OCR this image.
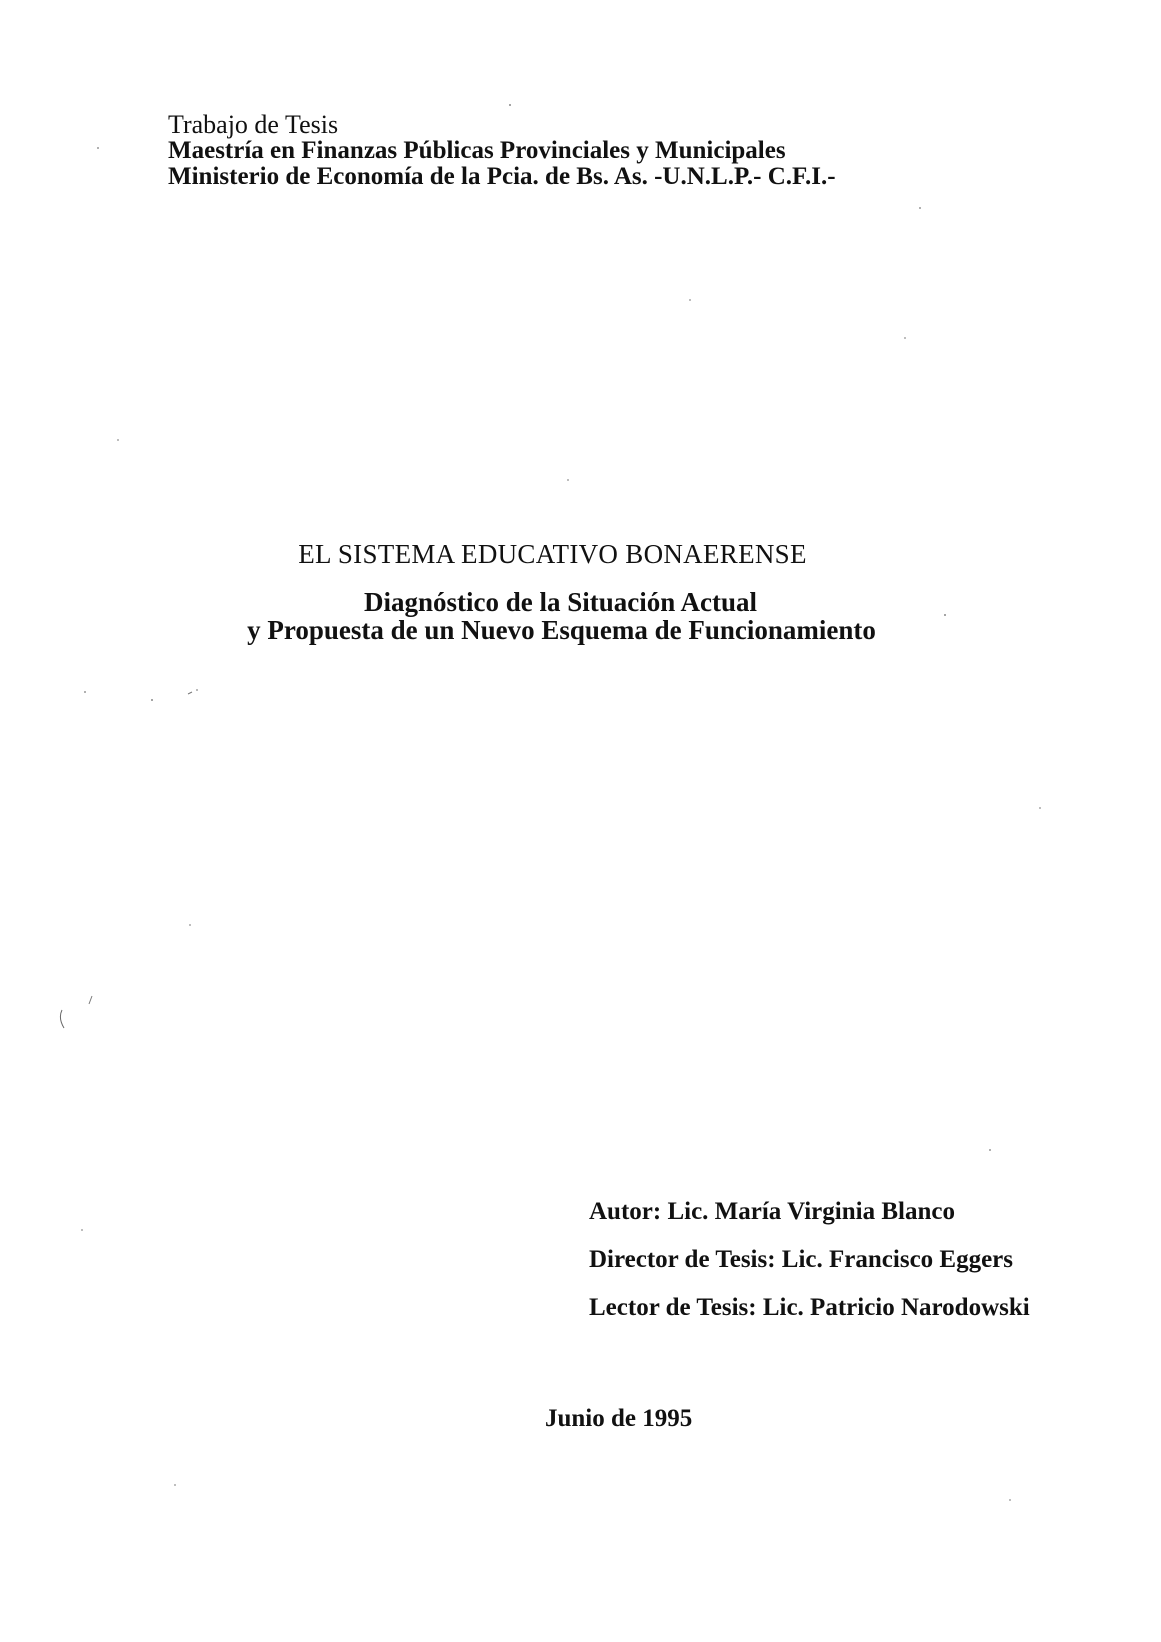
Trabajo de Tesis
Maestría en Finanzas Públicas Provinciales y Municipales
Ministerio de Economía de la Pcia. de Bs. As. -U.N.L.P.- C.F.I.-
EL SISTEMA EDUCATIVO BONAERENSE
Diagnóstico de la Situación Actual
y Propuesta de un Nuevo Esquema de Funcionamiento
Autor: Lic. María Virginia Blanco
Director de Tesis: Lic. Francisco Eggers
Lector de Tesis: Lic. Patricio Narodowski
Junio de 1995
